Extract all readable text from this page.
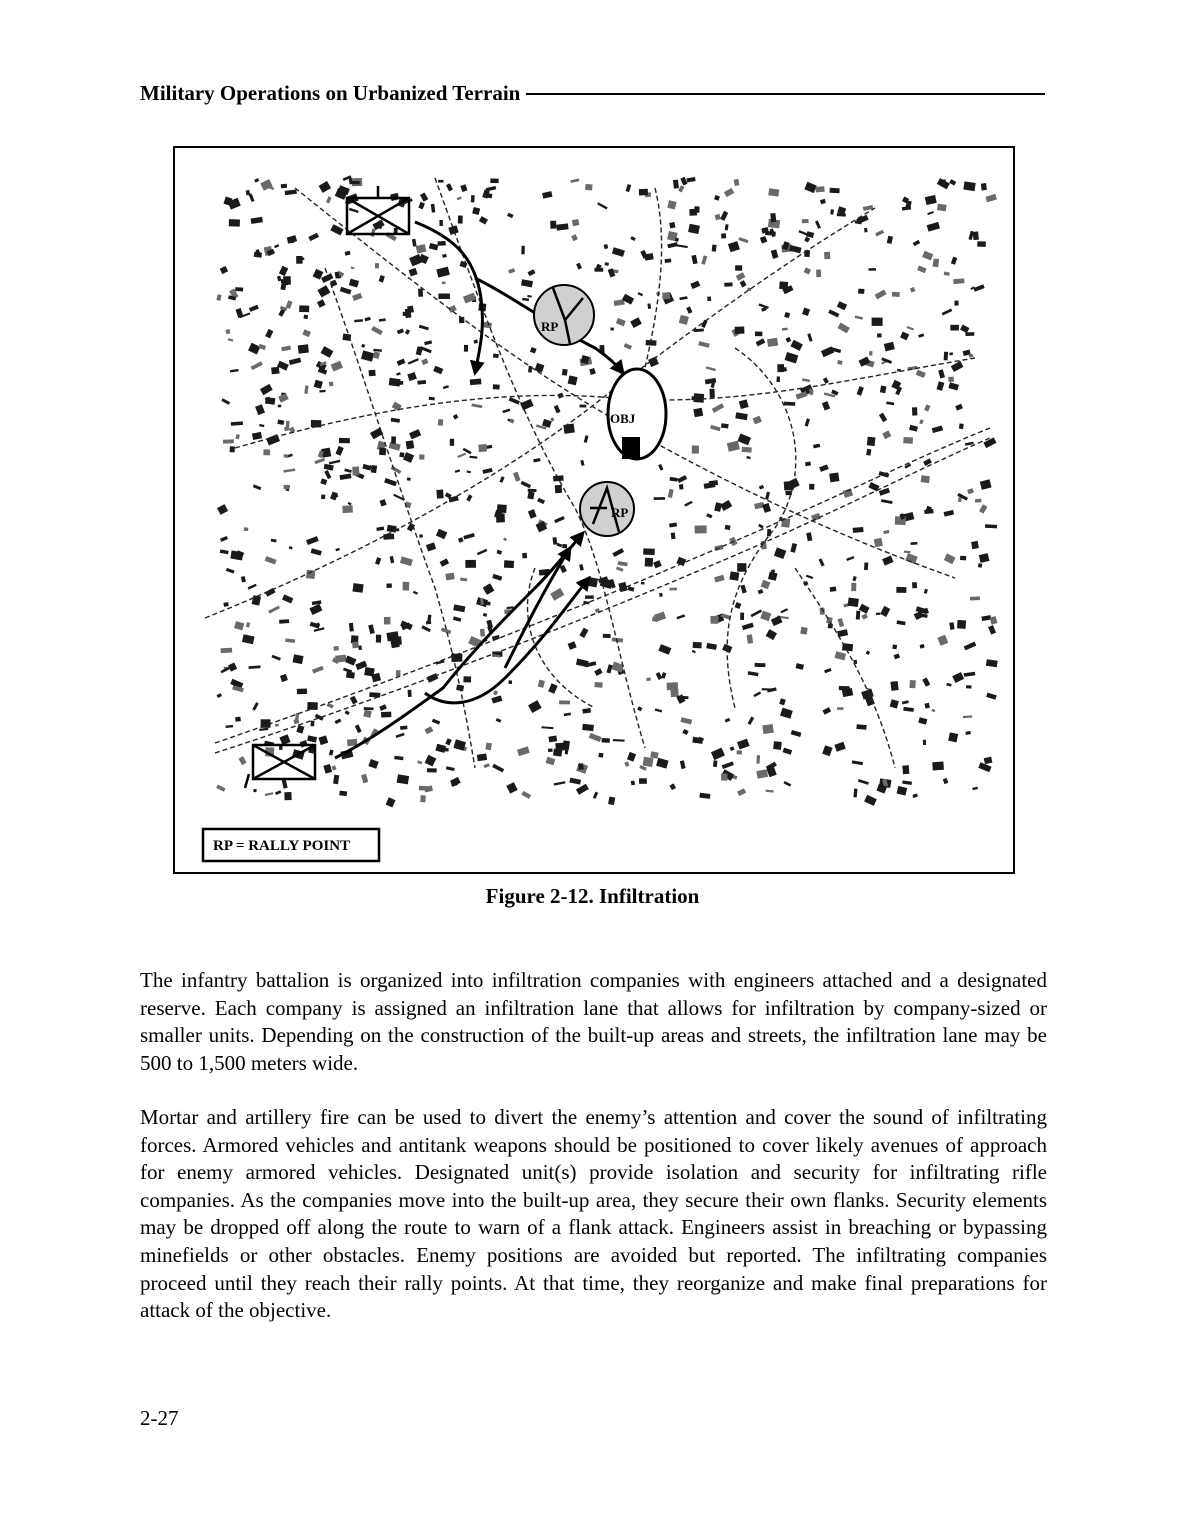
Military Operations on Urbanized Terrain
RP
OBJ
RP
RP = RALLY POINT
Figure 2-12. Infiltration

The infantry battalion is organized into infiltration companies with engineers attached and a designated reserve. Each company is assigned an infiltration lane that allows for infiltration by company-sized or smaller units. Depending on the construction of the built-up areas and streets, the infiltration lane may be 500 to 1,500 meters wide.

Mortar and artillery fire can be used to divert the enemy’s attention and cover the sound of infiltrating forces. Armored vehicles and antitank weapons should be positioned to cover likely avenues of approach for enemy armored vehicles. Designated unit(s) provide isolation and security for infiltrating rifle companies. As the companies move into the built-up area, they secure their own flanks. Security elements may be dropped off along the route to warn of a flank attack. Engineers assist in breaching or bypassing minefields or other obstacles. Enemy positions are avoided but reported. The infiltrating companies proceed until they reach their rally points. At that time, they reorganize and make final preparations for attack of the objective.

2-27
